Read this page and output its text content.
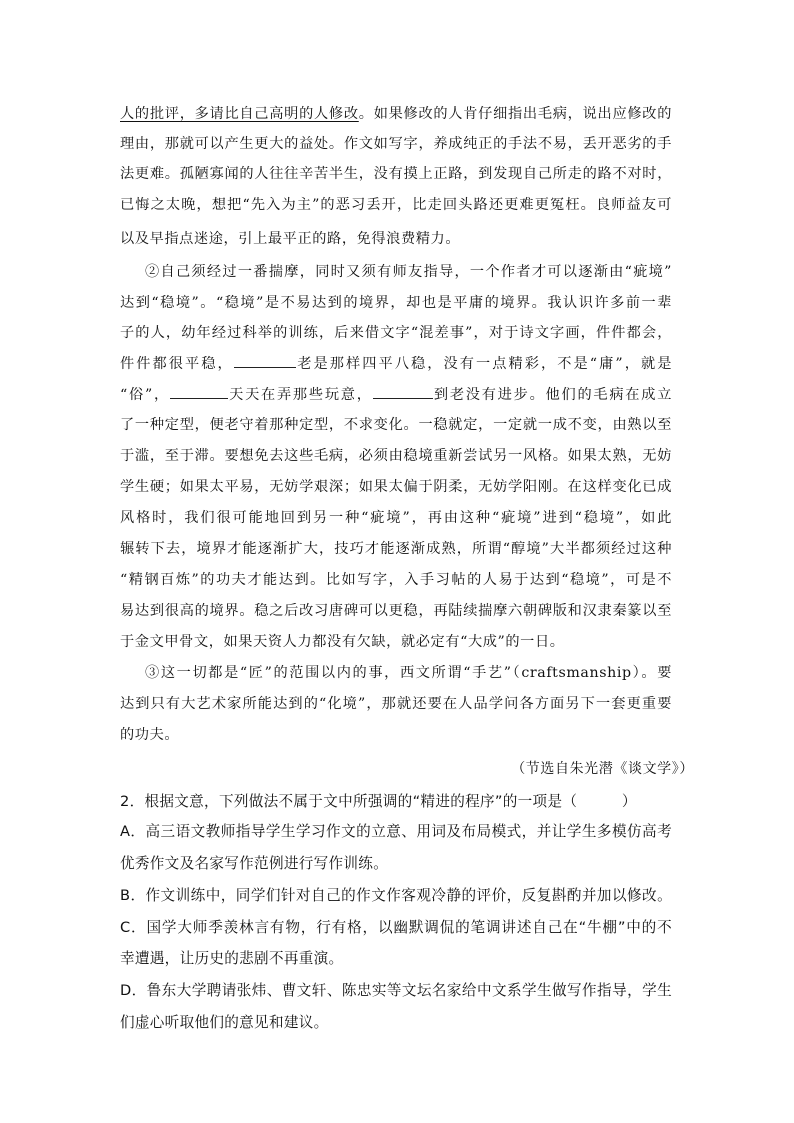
人的批评，多请比自己高明的人修改。如果修改的人肯仔细指出毛病，说出应修改的
理由，那就可以产生更大的益处。作文如写字，养成纯正的手法不易，丢开恶劣的手
法更难。孤陋寡闻的人往往辛苦半生，没有摸上正路，到发现自己所走的路不对时，
已悔之太晚，想把“先入为主”的恶习丢开，比走回头路还更难更冤枉。良师益友可
以及早指点迷途，引上最平正的路，免得浪费精力。
②自己须经过一番揣摩，同时又须有师友指导，一个作者才可以逐渐由“疵境”
达到“稳境”。“稳境”是不易达到的境界，却也是平庸的境界。我认识许多前一辈
子的人，幼年经过科举的训练，后来借文字“混差事”，对于诗文字画，件件都会，
件件都很平稳，	老是那样四平八稳，没有一点精彩，不是“庸”，就是
“俗”，	天天在弄那些玩意，	到老没有进步。他们的毛病在成立
了一种定型，便老守着那种定型，不求变化。一稳就定，一定就一成不变，由熟以至
于滥，至于滞。要想免去这些毛病，必须由稳境重新尝试另一风格。如果太熟，无妨
学生硬；如果太平易，无妨学艰深；如果太偏于阴柔，无妨学阳刚。在这样变化已成
风格时，我们很可能地回到另一种“疵境”，再由这种“疵境”进到“稳境”，如此
辗转下去，境界才能逐渐扩大，技巧才能逐渐成熟，所谓“醇境”大半都须经过这种
“精钢百炼”的功夫才能达到。比如写字，入手习帖的人易于达到“稳境”，可是不
易达到很高的境界。稳之后改习唐碑可以更稳，再陆续揣摩六朝碑版和汉隶秦篆以至
于金文甲骨文，如果天资人力都没有欠缺，就必定有“大成”的一日。
③这一切都是“匠”的范围以内的事，西文所谓“手艺”（craftsmanship）。要
达到只有大艺术家所能达到的“化境”，那就还要在人品学问各方面另下一套更重要
的功夫。
（节选自朱光潜《谈文学》）
2．根据文意，下列做法不属于文中所强调的“精进的程序”的一项是（　　　）
A．高三语文教师指导学生学习作文的立意、用词及布局模式，并让学生多模仿高考
优秀作文及名家写作范例进行写作训练。
B．作文训练中，同学们针对自己的作文作客观冷静的评价，反复斟酌并加以修改。
C．国学大师季羡林言有物，行有格，以幽默调侃的笔调讲述自己在“牛棚”中的不
幸遭遇，让历史的悲剧不再重演。
D．鲁东大学聘请张炜、曹文轩、陈忠实等文坛名家给中文系学生做写作指导，学生
们虚心听取他们的意见和建议。
